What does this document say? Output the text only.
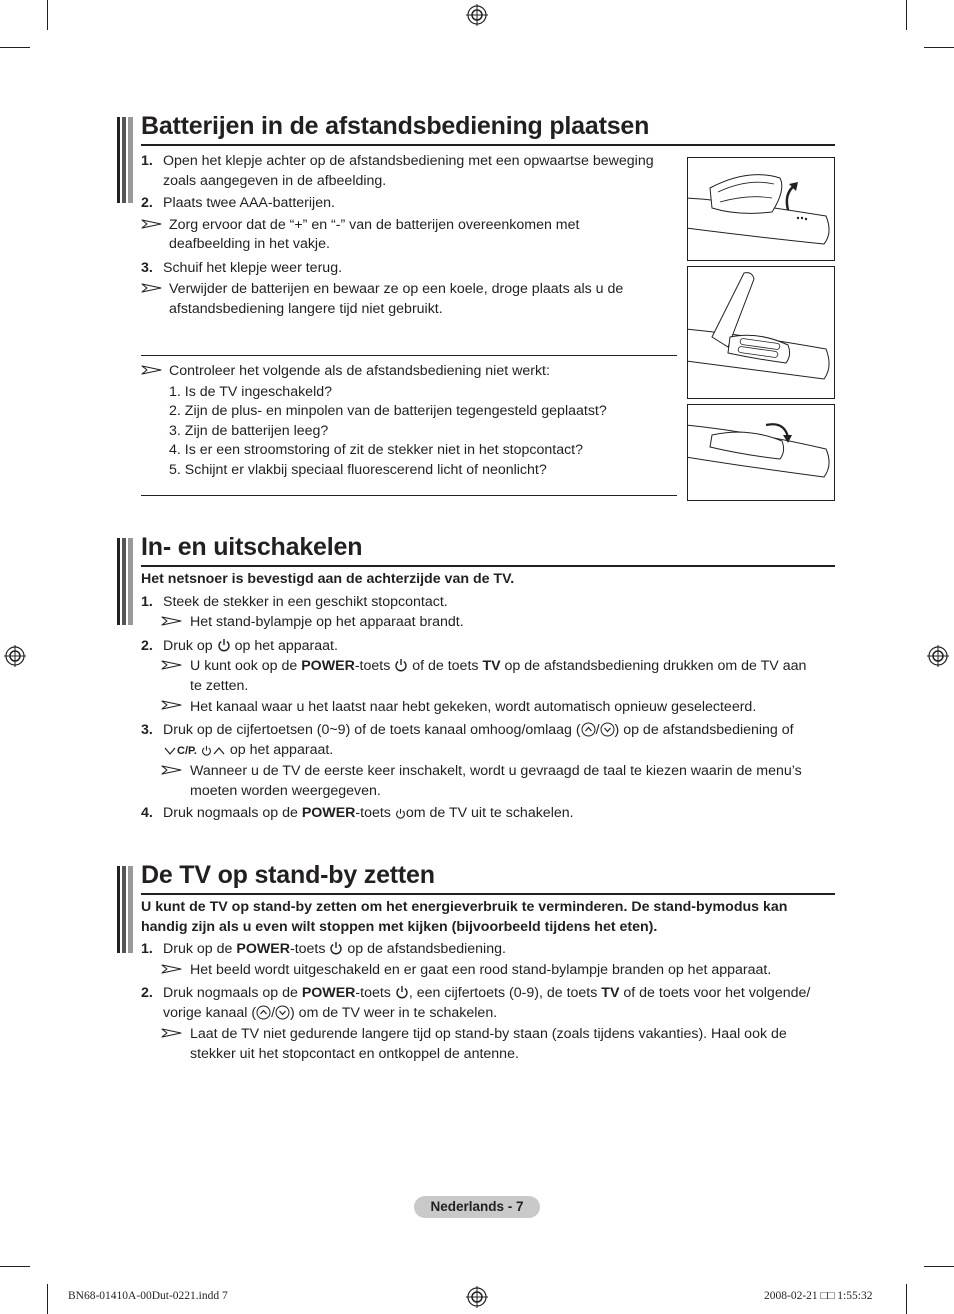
Batterijen in de afstandsbediening plaatsen
1. Open het klepje achter op de afstandsbediening met een opwaartse beweging
zoals aangegeven in de afbeelding.
2. Plaats twee AAA-batterijen.
Zorg ervoor dat de “+” en “-” van de batterijen overeenkomen met
deafbeelding in het vakje.
3. Schuif het klepje weer terug.
Verwijder de batterijen en bewaar ze op een koele, droge plaats als u de
afstandsbediening langere tijd niet gebruikt.
Controleer het volgende als de afstandsbediening niet werkt:
1. Is de TV ingeschakeld?
2. Zijn de plus- en minpolen van de batterijen tegengesteld geplaatst?
3. Zijn de batterijen leeg?
4. Is er een stroomstoring of zit de stekker niet in het stopcontact?
5. Schijnt er vlakbij speciaal fluorescerend licht of neonlicht?
In- en uitschakelen
Het netsnoer is bevestigd aan de achterzijde van de TV.
1. Steek de stekker in een geschikt stopcontact.
Het stand-bylampje op het apparaat brandt.
2. Druk op op het apparaat.
U kunt ook op de POWER-toets of de toets TV op de afstandsbediening drukken om de TV aan
te zetten.
Het kanaal waar u het laatst naar hebt gekeken, wordt automatisch opnieuw geselecteerd.
3. Druk op de cijfertoetsen (0~9) of de toets kanaal omhoog/omlaag ( / ) op de afstandsbediening of
C/P. op het apparaat.
Wanneer u de TV de eerste keer inschakelt, wordt u gevraagd de taal te kiezen waarin de menu’s
moeten worden weergegeven.
4. Druk nogmaals op de POWER-toets om de TV uit te schakelen.
De TV op stand-by zetten
U kunt de TV op stand-by zetten om het energieverbruik te verminderen. De stand-bymodus kan
handig zijn als u even wilt stoppen met kijken (bijvoorbeeld tijdens het eten).
1. Druk op de POWER-toets op de afstandsbediening.
Het beeld wordt uitgeschakeld en er gaat een rood stand-bylampje branden op het apparaat.
2. Druk nogmaals op de POWER-toets , een cijfertoets (0-9), de toets TV of de toets voor het volgende/
vorige kanaal ( / ) om de TV weer in te schakelen.
Laat de TV niet gedurende langere tijd op stand-by staan (zoals tijdens vakanties). Haal ook de
stekker uit het stopcontact en ontkoppel de antenne.
Nederlands - 7
BN68-01410A-00Dut-0221.indd 7	2008-02-21 □□ 1:55:32
